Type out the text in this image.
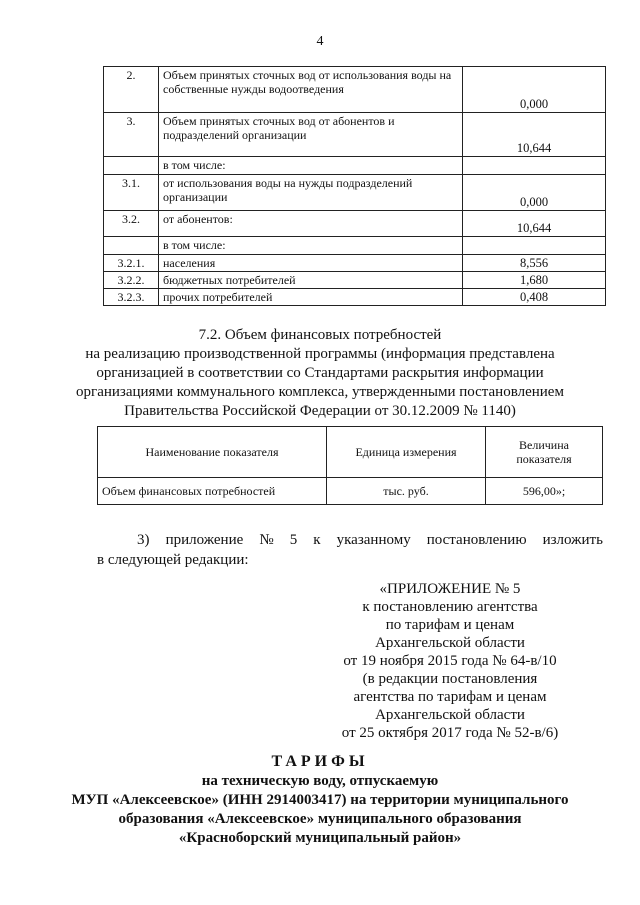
4
2.	Объем принятых сточных вод от использования воды на собственные нужды водоотведения	0,000
3.	Объем принятых сточных вод от абонентов и подразделений организации	10,644
	в том числе:	
3.1.	от использования воды на нужды подразделений организации	0,000
3.2.	от абонентов:	10,644
	в том числе:	
3.2.1.	населения	8,556
3.2.2.	бюджетных потребителей	1,680
3.2.3.	прочих потребителей	0,408
7.2. Объем финансовых потребностей
на реализацию производственной программы (информация представлена
организацией в соответствии со Стандартами раскрытия информации
организациями коммунального комплекса, утвержденными постановлением
Правительства Российской Федерации от 30.12.2009 № 1140)
Наименование показателя	Единица измерения	Величина показателя
Объем финансовых потребностей	тыс. руб.	596,00»;
3) приложение № 5 к указанному постановлению изложить
в следующей редакции:
«ПРИЛОЖЕНИЕ № 5
к постановлению агентства
по тарифам и ценам
Архангельской области
от 19 ноября 2015 года № 64-в/10
(в редакции постановления
агентства по тарифам и ценам
Архангельской области
от 25 октября 2017 года № 52-в/6)
ТАРИФЫ
на техническую воду, отпускаемую
МУП «Алексеевское» (ИНН 2914003417) на территории муниципального
образования «Алексеевское» муниципального образования
«Красноборский муниципальный район»
